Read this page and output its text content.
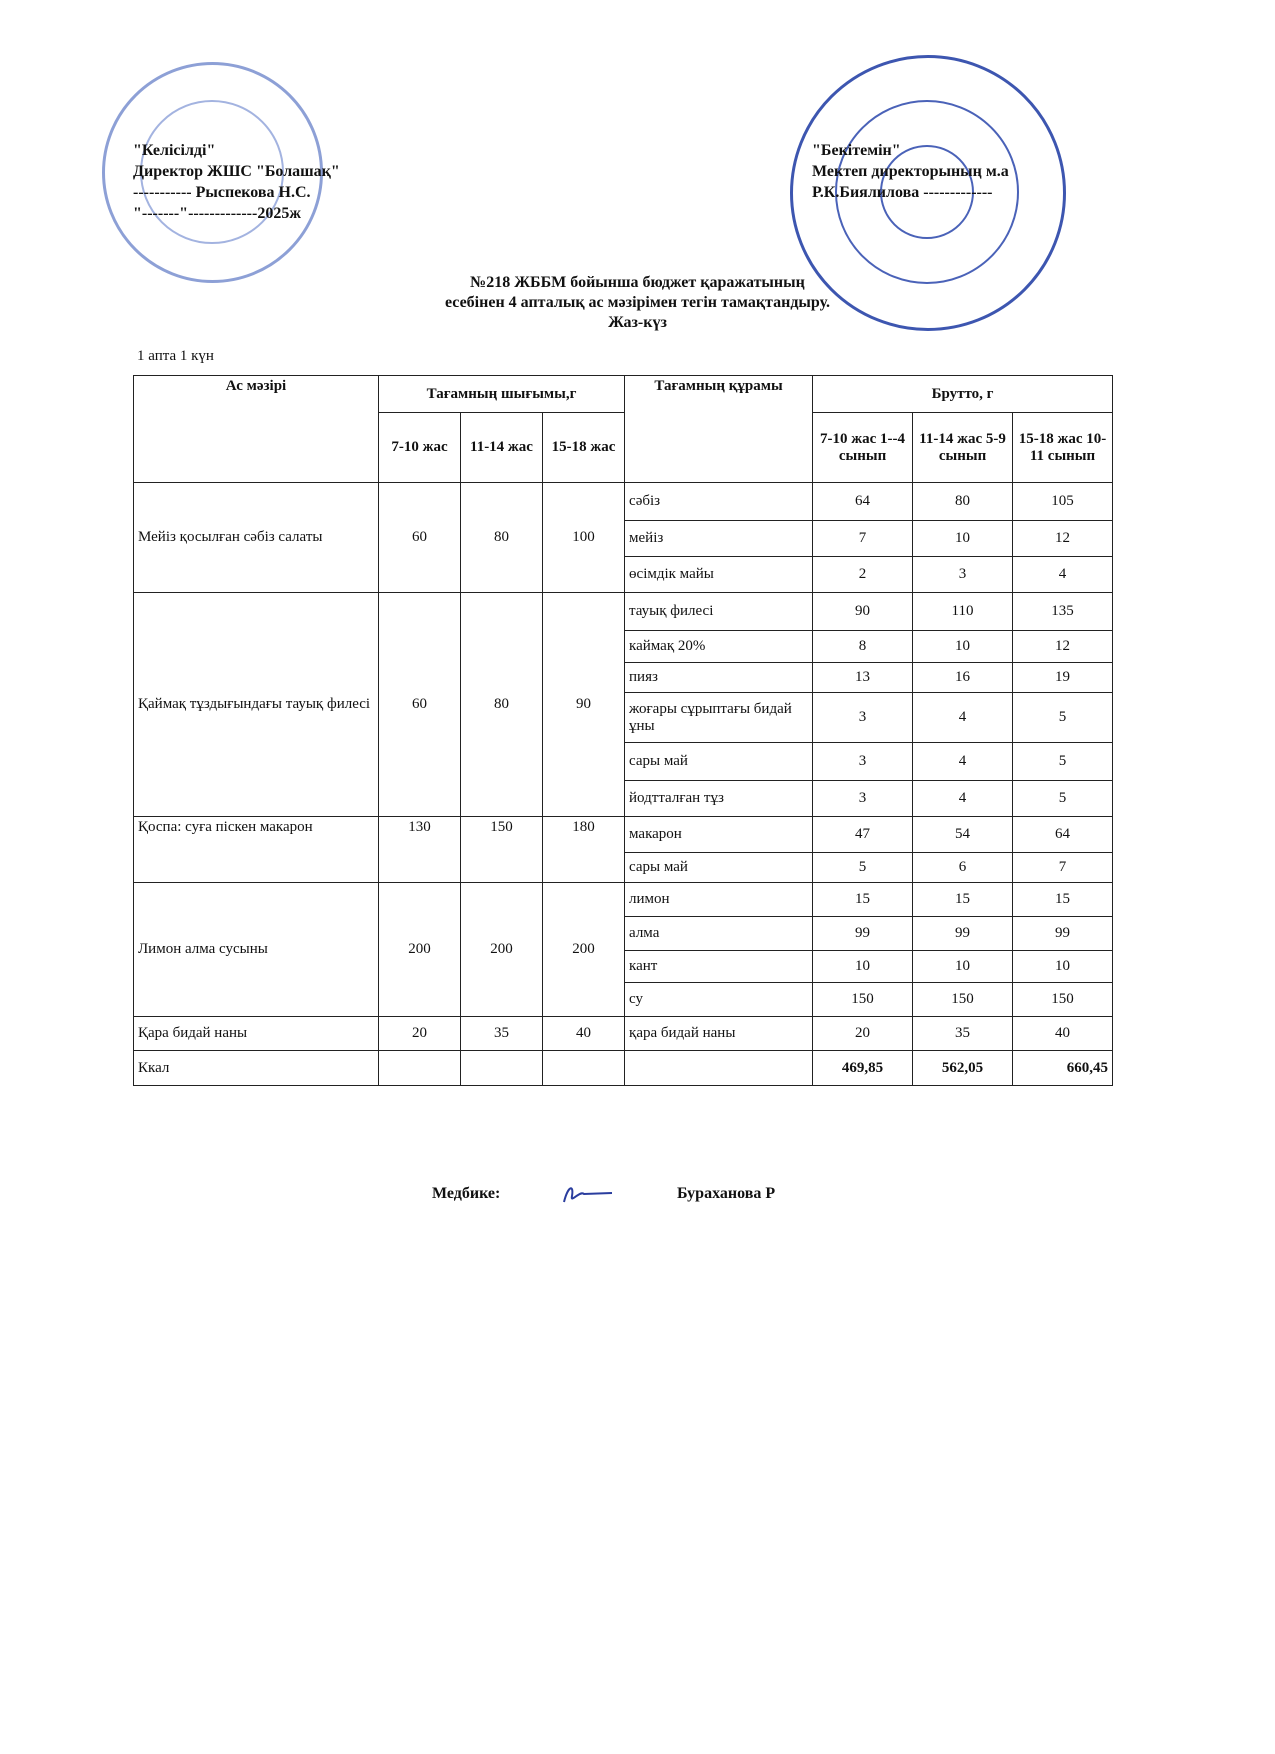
"Келісілді"
Директор ЖШС "Болашақ"
----------- Рыспекова Н.С.
"-------"-------------2025ж
"Бекітемін"
Мектеп директорының м.а
Р.К.Биялилова -------------
№218 ЖББМ бойынша бюджет қаражатының
есебінен 4 апталық ас мәзірімен тегін тамақтандыру.
Жаз-күз
1 апта 1 күн
Ас мәзірі	Тағамның шығымы,г			Тағамның құрамы	Брутто, г		
	7-10 жас	11-14 жас	15-18 жас		7-10 жас 1--4 сынып	11-14 жас 5-9 сынып	15-18 жас 10-11 сынып
Мейіз қосылған сәбіз салаты	60	80	100	сәбіз	64	80	105
				мейіз	7	10	12
				өсімдік майы	2	3	4
Қаймақ тұздығындағы тауық филесі	60	80	90	тауық филесі	90	110	135
				каймақ 20%	8	10	12
				пияз	13	16	19
				жоғары сұрыптағы бидай ұны	3	4	5
				сары май	3	4	5
				йодтталған тұз	3	4	5
Қоспа: суға піскен макарон	130	150	180	макарон	47	54	64
				сары май	5	6	7
Лимон алма сусыны	200	200	200	лимон	15	15	15
				алма	99	99	99
				кант	10	10	10
				су	150	150	150
Қара бидай наны	20	35	40	қара бидай наны	20	35	40
Ккал					469,85	562,05	660,45
Медбике:	Бураханова Р
